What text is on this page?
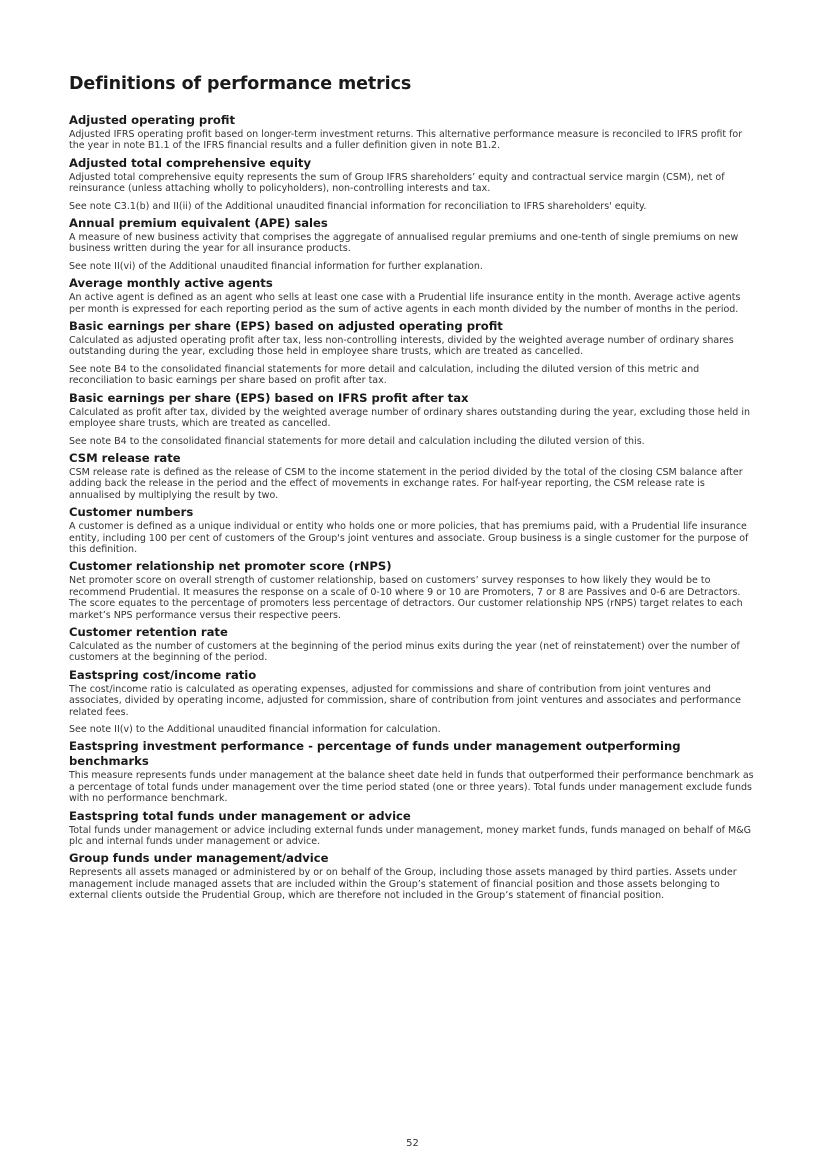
Definitions of performance metrics
Adjusted operating profit

Adjusted IFRS operating profit based on longer-term investment returns. This alternative performance measure is reconciled to IFRS profit for the year in note B1.1 of the IFRS financial results and a fuller definition given in note B1.2.

Adjusted total comprehensive equity

Adjusted total comprehensive equity represents the sum of Group IFRS shareholders’ equity and contractual service margin (CSM), net of reinsurance (unless attaching wholly to policyholders), non-controlling interests and tax.

See note C3.1(b) and II(ii) of the Additional unaudited financial information for reconciliation to IFRS shareholders' equity.

Annual premium equivalent (APE) sales

A measure of new business activity that comprises the aggregate of annualised regular premiums and one-tenth of single premiums on new business written during the year for all insurance products.

See note II(vi) of the Additional unaudited financial information for further explanation.

Average monthly active agents

An active agent is defined as an agent who sells at least one case with a Prudential life insurance entity in the month. Average active agents per month is expressed for each reporting period as the sum of active agents in each month divided by the number of months in the period.

Basic earnings per share (EPS) based on adjusted operating profit

Calculated as adjusted operating profit after tax, less non-controlling interests, divided by the weighted average number of ordinary shares outstanding during the year, excluding those held in employee share trusts, which are treated as cancelled.

See note B4 to the consolidated financial statements for more detail and calculation, including the diluted version of this metric and reconciliation to basic earnings per share based on profit after tax.

Basic earnings per share (EPS) based on IFRS profit after tax

Calculated as profit after tax, divided by the weighted average number of ordinary shares outstanding during the year, excluding those held in employee share trusts, which are treated as cancelled.

See note B4 to the consolidated financial statements for more detail and calculation including the diluted version of this.

CSM release rate

CSM release rate is defined as the release of CSM to the income statement in the period divided by the total of the closing CSM balance after adding back the release in the period and the effect of movements in exchange rates. For half-year reporting, the CSM release rate is annualised by multiplying the result by two.

Customer numbers

A customer is defined as a unique individual or entity who holds one or more policies, that has premiums paid, with a Prudential life insurance entity, including 100 per cent of customers of the Group's joint ventures and associate. Group business is a single customer for the purpose of this definition.

Customer relationship net promoter score (rNPS)

Net promoter score on overall strength of customer relationship, based on customers’ survey responses to how likely they would be to recommend Prudential. It measures the response on a scale of 0-10 where 9 or 10 are Promoters, 7 or 8 are Passives and 0-6 are Detractors. The score equates to the percentage of promoters less percentage of detractors. Our customer relationship NPS (rNPS) target relates to each market’s NPS performance versus their respective peers.

Customer retention rate

Calculated as the number of customers at the beginning of the period minus exits during the year (net of reinstatement) over the number of customers at the beginning of the period.

Eastspring cost/income ratio

The cost/income ratio is calculated as operating expenses, adjusted for commissions and share of contribution from joint ventures and associates, divided by operating income, adjusted for commission, share of contribution from joint ventures and associates and performance related fees.

See note II(v) to the Additional unaudited financial information for calculation.

Eastspring investment performance - percentage of funds under management outperforming benchmarks

This measure represents funds under management at the balance sheet date held in funds that outperformed their performance benchmark as a percentage of total funds under management over the time period stated (one or three years). Total funds under management exclude funds with no performance benchmark.

Eastspring total funds under management or advice

Total funds under management or advice including external funds under management, money market funds, funds managed on behalf of M&G plc and internal funds under management or advice.

Group funds under management/advice

Represents all assets managed or administered by or on behalf of the Group, including those assets managed by third parties. Assets under management include managed assets that are included within the Group’s statement of financial position and those assets belonging to external clients outside the Prudential Group, which are therefore not included in the Group’s statement of financial position.

52
